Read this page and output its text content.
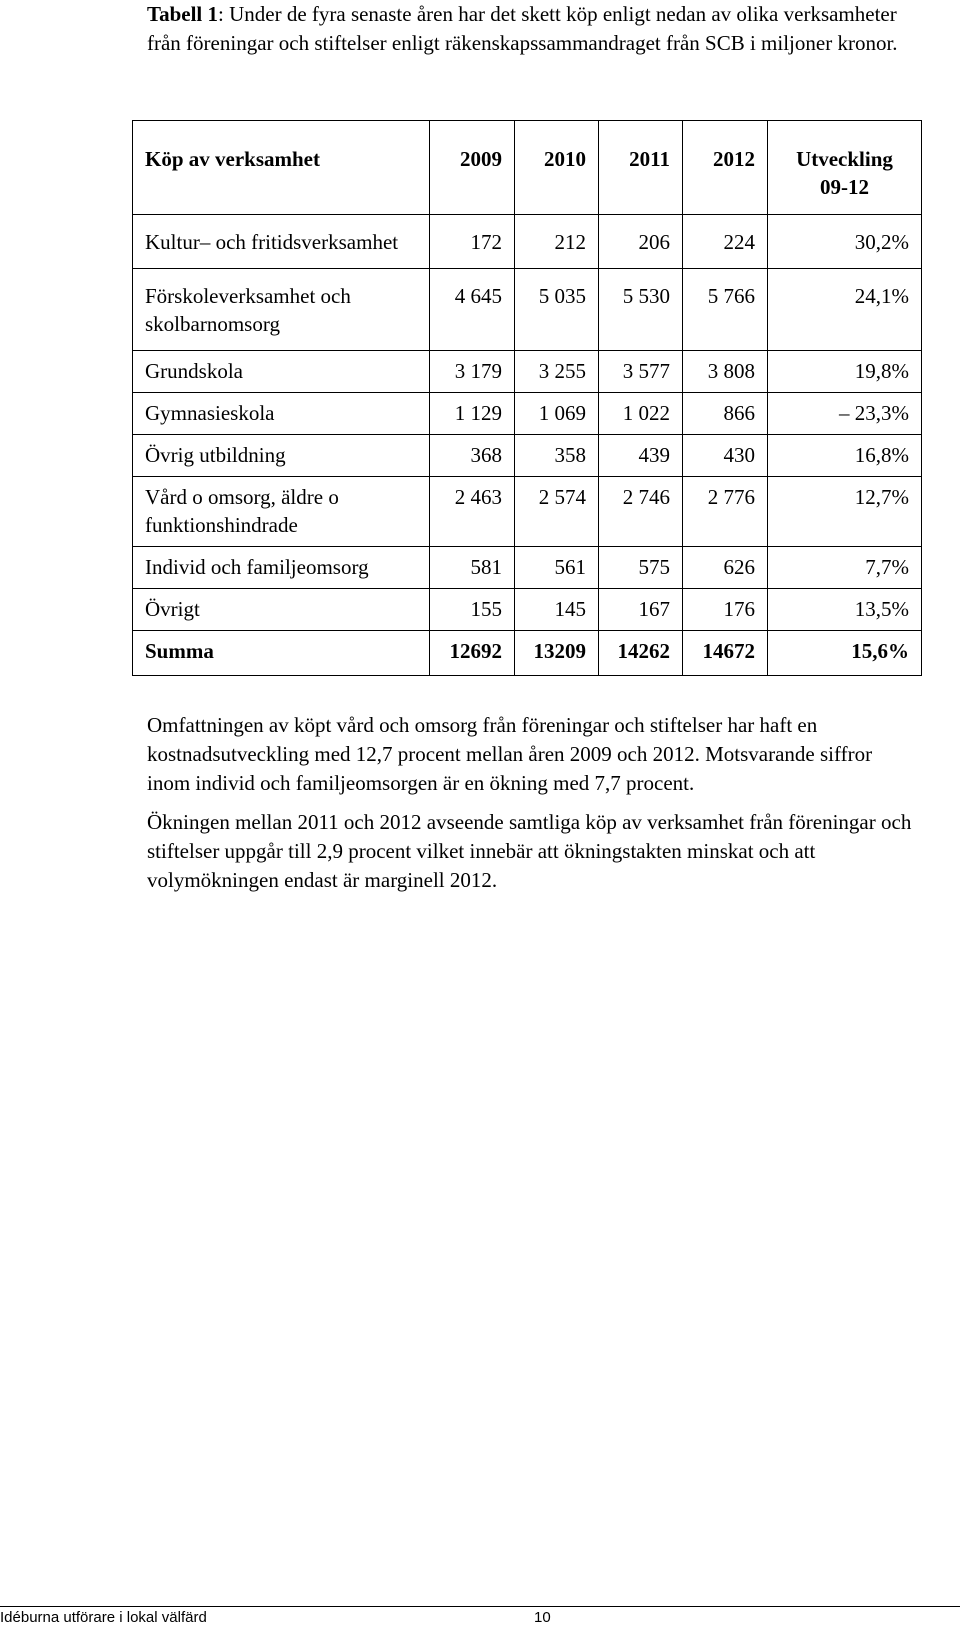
Tabell 1: Under de fyra senaste åren har det skett köp enligt nedan av olika verksamheter från föreningar och stiftelser enligt räkenskapssammandraget från SCB i miljoner kronor.
Köp av verksamhet	2009	2010	2011	2012	Utveckling 09-12
Kultur– och fritidsverksamhet	172	212	206	224	30,2%
Förskoleverksamhet och skolbarnomsorg	4 645	5 035	5 530	5 766	24,1%
Grundskola	3 179	3 255	3 577	3 808	19,8%
Gymnasieskola	1 129	1 069	1 022	866	– 23,3%
Övrig utbildning	368	358	439	430	16,8%
Vård o omsorg, äldre o funktionshindrade	2 463	2 574	2 746	2 776	12,7%
Individ och familjeomsorg	581	561	575	626	7,7%
Övrigt	155	145	167	176	13,5%
Summa	12692	13209	14262	14672	15,6%

Omfattningen av köpt vård och omsorg från föreningar och stiftelser har haft en kostnadsutveckling med 12,7 procent mellan åren 2009 och 2012. Motsvarande siffror inom individ och familjeomsorgen är en ökning med 7,7 procent.

Ökningen mellan 2011 och 2012 avseende samtliga köp av verksamhet från föreningar och stiftelser uppgår till 2,9 procent vilket innebär att ökningstakten minskat och att volymökningen endast är marginell 2012.

Idéburna utförare i lokal välfärd	10
